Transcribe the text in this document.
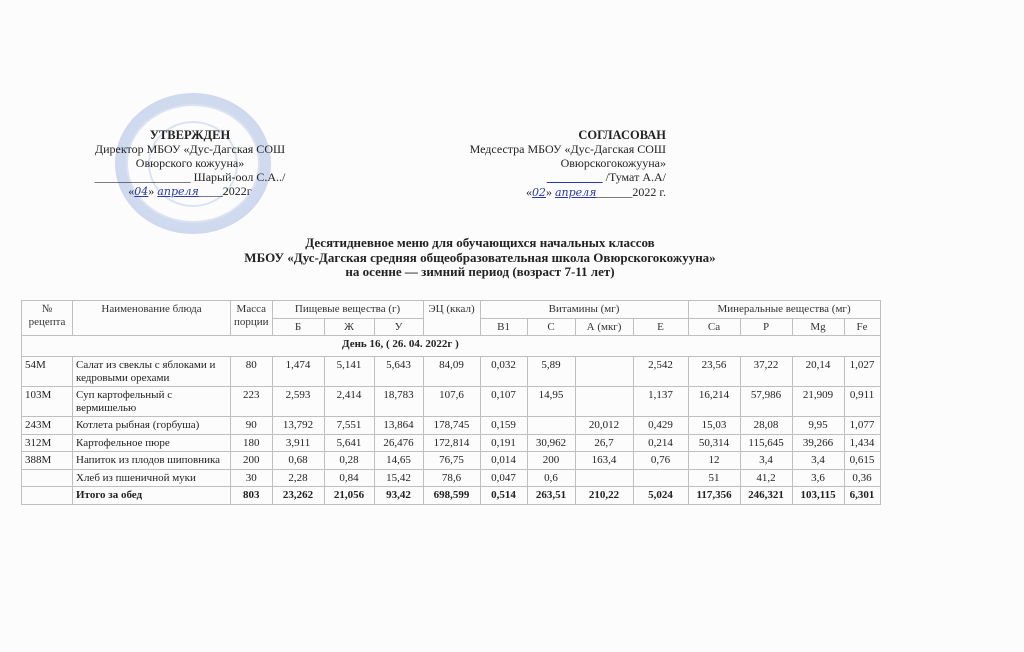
УТВЕРЖДЕН
Директор МБОУ «Дус-Дагская СОШ
Овюрского кожууна»
________________ Шарый-оол С.А../
«04» апреля____2022г
СОГЛАСОВАН
Медсестра МБОУ «Дус-Дагская СОШ
Овюрскогокожууна»
/Тумат А.А/
«02» апреля______2022 г.
Десятидневное меню для обучающихся начальных классов
МБОУ «Дус-Дагская средняя общеобразовательная школа Овюрскогокожууна»
на осенне — зимний период (возраст 7-11 лет)
№ рецепта	Наименование блюда	Масса порции	Пищевые вещества (г)			ЭЦ (ккал)	Витамины (мг)				Минеральные вещества (мг)			
			Б	Ж	У		В1	С	А (мкг)	Е	Са	Р	Mg	Fe
День 16, ( 26. 04. 2022г )														
54М	Салат из свеклы с яблоками и кедровыми орехами	80	1,474	5,141	5,643	84,09	0,032	5,89		2,542	23,56	37,22	20,14	1,027
103М	Суп картофельный с вермишелью	223	2,593	2,414	18,783	107,6	0,107	14,95		1,137	16,214	57,986	21,909	0,911
243М	Котлета рыбная (горбуша)	90	13,792	7,551	13,864	178,745	0,159		20,012	0,429	15,03	28,08	9,95	1,077
312М	Картофельное пюре	180	3,911	5,641	26,476	172,814	0,191	30,962	26,7	0,214	50,314	115,645	39,266	1,434
388М	Напиток из плодов шиповника	200	0,68	0,28	14,65	76,75	0,014	200	163,4	0,76	12	3,4	3,4	0,615
	Хлеб из пшеничной муки	30	2,28	0,84	15,42	78,6	0,047	0,6			51	41,2	3,6	0,36
	Итого за обед	803	23,262	21,056	93,42	698,599	0,514	263,51	210,22	5,024	117,356	246,321	103,115	6,301
